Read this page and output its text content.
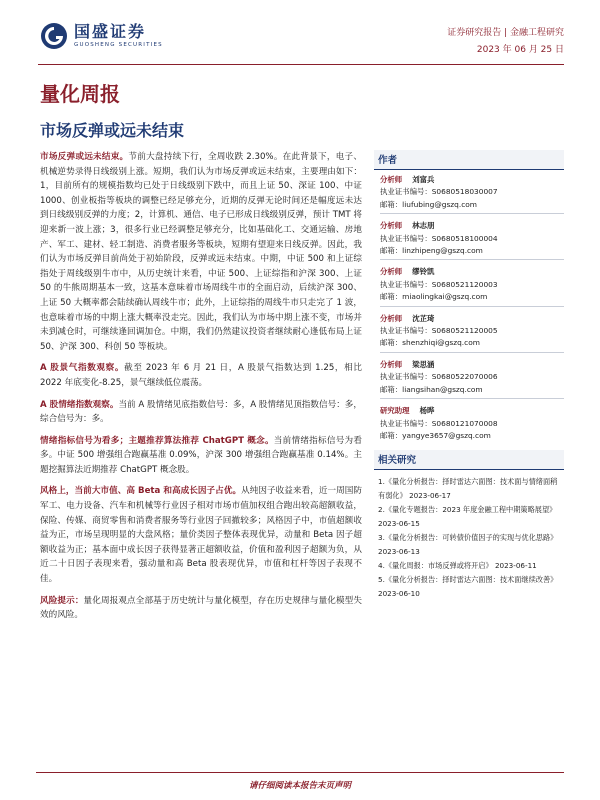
国盛证券
GUOSHENG SECURITIES
证券研究报告 | 金融工程研究
2023 年 06 月 25 日
量化周报
市场反弹或远未结束

市场反弹或远未结束。节前大盘持续下行，全周收跌 2.30%。在此背景下，电子、机械逆势录得日线级别上涨。短期，我们认为市场反弹或远未结束，主要理由如下：1，目前所有的规模指数均已处于日线级别下跌中，而且上证 50、深证 100、中证 1000、创业板指等板块的调整已经足够充分，近期的反弹无论时间还是幅度远未达到日线级别反弹的力度；2，计算机、通信、电子已形成日线级别反弹，预计 TMT 将迎来新一波上涨；3，很多行业已经调整足够充分，比如基础化工、交通运输、房地产、军工、建材、轻工制造、消费者服务等板块，短期有望迎来日线反弹。因此，我们认为市场反弹目前尚处于初始阶段，反弹或远未结束。中期，中证 500 和上证综指处于周线级别牛市中，从历史统计来看，中证 500、上证综指和沪深 300、上证 50 的牛熊周期基本一致，这基本意味着市场周线牛市的全面启动，后续沪深 300、上证 50 大概率都会陆续确认周线牛市；此外，上证综指的周线牛市只走完了 1 波，也意味着市场的中期上涨大概率没走完。因此，我们认为市场中期上涨不变，市场并未到减仓时，可继续逢回调加仓。中期，我们仍然建议投资者继续耐心逢低布局上证 50、沪深 300、科创 50 等板块。

A 股景气指数观察。截至 2023 年 6 月 21 日，A 股景气指数达到 1.25，相比 2022 年底变化-8.25，景气继续低位震荡。

A 股情绪指数观察。当前 A 股情绪见底指数信号：多，A 股情绪见顶指数信号：多，综合信号为：多。

情绪指标信号为看多；主题推荐算法推荐 ChatGPT 概念。当前情绪指标信号为看多。中证 500 增强组合跑赢基准 0.09%，沪深 300 增强组合跑赢基准 0.14%。主题挖掘算法近期推荐 ChatGPT 概念股。

风格上，当前大市值、高 Beta 和高成长因子占优。从纯因子收益来看，近一周国防军工、电力设备、汽车和机械等行业因子相对市场市值加权组合跑出较高超额收益，保险、传媒、商贸零售和消费者服务等行业因子回撤较多；风格因子中，市值超额收益为正，市场呈现明显的大盘风格；量价类因子整体表现优异，动量和 Beta 因子超额收益为正；基本面中成长因子获得显著正超额收益，价值和盈利因子超额为负，从近二十日因子表现来看，强动量和高 Beta 股表现优异，市值和杠杆等因子表现不佳。

风险提示：量化周报观点全部基于历史统计与量化模型，存在历史规律与量化模型失效的风险。

作者
分析师 刘富兵
执业证书编号：S0680518030007
邮箱：liufubing@gszq.com
分析师 林志朋
执业证书编号：S0680518100004
邮箱：linzhipeng@gszq.com
分析师 缪铃凯
执业证书编号：S0680521120003
邮箱：miaolingkai@gszq.com
分析师 沈芷琦
执业证书编号：S0680521120005
邮箱：shenzhiqi@gszq.com
分析师 梁思涵
执业证书编号：S0680522070006
邮箱：liangsihan@gszq.com
研究助理 杨晔
执业证书编号：S0680121070008
邮箱：yangye3657@gszq.com
相关研究
1.《量化分析报告：择时雷达六面图：技术面与情绪面稍有弱化》 2023-06-17
2.《量化专题报告：2023 年度金融工程中期策略展望》 2023-06-15
3.《量化分析报告：可转债价值因子的实现与优化思路》 2023-06-13
4.《量化周报：市场反弹或将开启》 2023-06-11
5.《量化分析报告：择时雷达六面图：技术面继续改善》 2023-06-10
请仔细阅读本报告末页声明
